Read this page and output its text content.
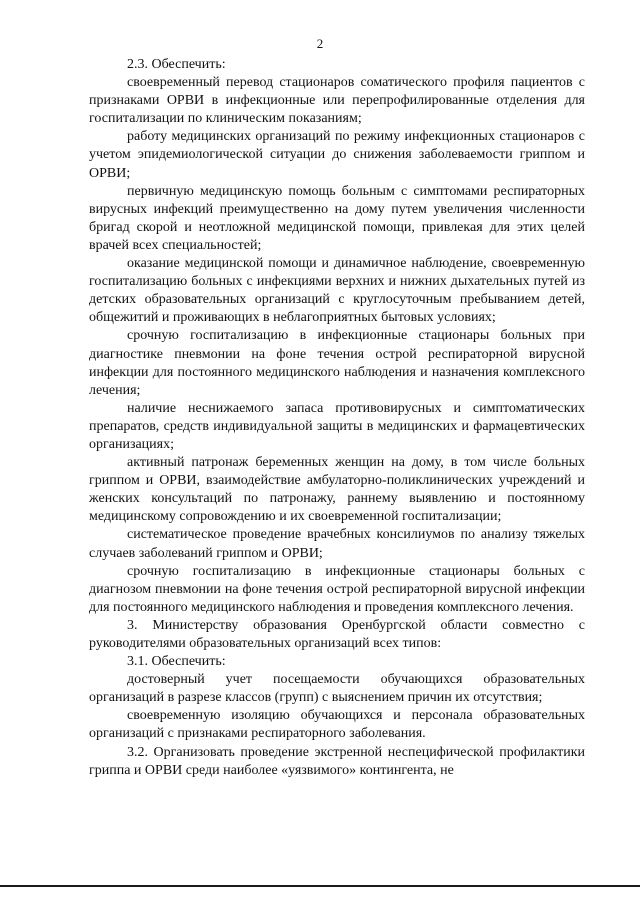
2

2.3. Обеспечить:

своевременный перевод стационаров соматического профиля пациентов с признаками ОРВИ в инфекционные или перепрофилированные отделения для госпитализации по клиническим показаниям;

работу медицинских организаций по режиму инфекционных стационаров с учетом эпидемиологической ситуации до снижения заболеваемости гриппом и ОРВИ;

первичную медицинскую помощь больным с симптомами респираторных вирусных инфекций преимущественно на дому путем увеличения численности бригад скорой и неотложной медицинской помощи, привлекая для этих целей врачей всех специальностей;

оказание медицинской помощи и динамичное наблюдение, своевременную госпитализацию больных с инфекциями верхних и нижних дыхательных путей из детских образовательных организаций с круглосуточным пребыванием детей, общежитий и проживающих в неблагоприятных бытовых условиях;

срочную госпитализацию в инфекционные стационары больных при диагностике пневмонии на фоне течения острой респираторной вирусной инфекции для постоянного медицинского наблюдения и назначения комплексного лечения;

наличие неснижаемого запаса противовирусных и симптоматических препаратов, средств индивидуальной защиты в медицинских и фармацевтических организациях;

активный патронаж беременных женщин на дому, в том числе больных гриппом и ОРВИ, взаимодействие амбулаторно-поликлинических учреждений и женских консультаций по патронажу, раннему выявлению и постоянному медицинскому сопровождению и их своевременной госпитализации;

систематическое проведение врачебных консилиумов по анализу тяжелых случаев заболеваний гриппом и ОРВИ;

срочную госпитализацию в инфекционные стационары больных с диагнозом пневмонии на фоне течения острой респираторной вирусной инфекции для постоянного медицинского наблюдения и проведения комплексного лечения.

3. Министерству образования Оренбургской области совместно с руководителями образовательных организаций всех типов:

3.1. Обеспечить:

достоверный учет посещаемости обучающихся образовательных организаций в разрезе классов (групп) с выяснением причин их отсутствия;

своевременную изоляцию обучающихся и персонала образовательных организаций с признаками респираторного заболевания.

3.2. Организовать проведение экстренной неспецифической профилактики гриппа и ОРВИ среди наиболее «уязвимого» контингента, не
